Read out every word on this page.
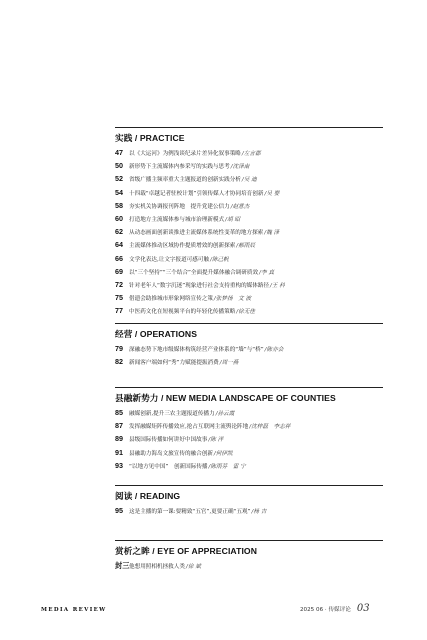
实践 / PRACTICE
47	以《大运河》为例浅谈纪录片差异化叙事策略 /左言郡
50	新形势下主流媒体内参采写的实践与思考 /沈泽南
52	省级广播主频率重大主题报道的创新实践分析 /吴 迪
54	十四载“卓越记者驻校计划”引领传媒人才协同培育创新 /吴 婴
58	夯实机关协调报刊阵地　提升党建公信力 /赵意杰
60	打造地方主流媒体参与城市治理新模式 /胡 昭
62	从动态画面创新谈推进主流媒体系统性变革的地方探索 /魏 泽
64	主流媒体推动区域协作提质增效的创新探索 /郝雨辰
66	文学化表达,让文字报道可感可触 /陈己帆
69	以“三个坚持”“三个结合”全面提升媒体融合调研质效 /李 真
72	针对老年人“数字沉迷”现象进行社会支持重构的媒体路径 /王 科
75	借遗会助推城市形象网络宣传之策 /张梦扬　文 波
77	中医药文化在短视频平台的年轻化传播策略 /徐无佳
经营 / OPERATIONS
79	深融态势下地市级媒体构筑经营产业体系的“墙”与“桥” /陈亦会
82	新闻客户端如何“秀”力赋能提振消费 /周一燕
县融新势力 / NEW MEDIA LANDSCAPE OF COUNTIES
85	融媒创新,提升三农主题报道传播力 /孙云霞
87	发挥融媒矩阵传播效应,抢占互联网主流舆论阵地 /沈梓磊　李志祥
89	县级国际传播如何讲好中国故事 /陈 洋
91	县融助力海岛文旅宣传的融合创新 /何伊凯
93	“以地方见中国”　创新国际传播 /陈雨芬　雷 宁
阅读 / READING
95	这是主播的第一课:要精致“五官”,更要正确“五观” /杨 吉
赏析之眸 / EYE OF APPRECIATION
封三 他想用照相机拯救人类 /徐 斌
MEDIA REVIEW	2025 06 · 传媒评论 03
